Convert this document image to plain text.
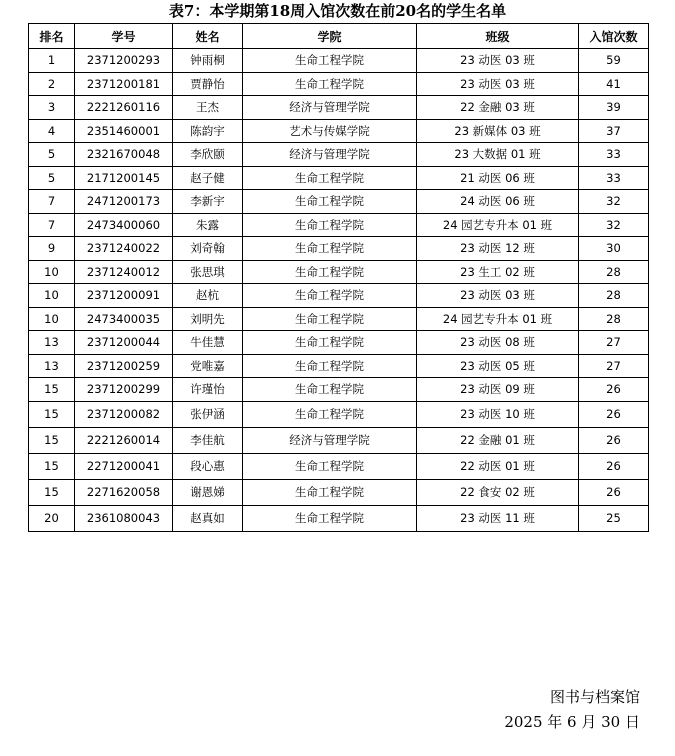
表7：本学期第18周入馆次数在前20名的学生名单
排名	学号	姓名	学院	班级	入馆次数
1	2371200293	钟雨桐	生命工程学院	23 动医 03 班	59
2	2371200181	贾静怡	生命工程学院	23 动医 03 班	41
3	2221260116	王杰	经济与管理学院	22 金融 03 班	39
4	2351460001	陈韵宇	艺术与传媒学院	23 新媒体 03 班	37
5	2321670048	李欣颐	经济与管理学院	23 大数据 01 班	33
5	2171200145	赵子健	生命工程学院	21 动医 06 班	33
7	2471200173	李新宇	生命工程学院	24 动医 06 班	32
7	2473400060	朱露	生命工程学院	24 园艺专升本 01 班	32
9	2371240022	刘奇翰	生命工程学院	23 动医 12 班	30
10	2371240012	张思琪	生命工程学院	23 生工 02 班	28
10	2371200091	赵杭	生命工程学院	23 动医 03 班	28
10	2473400035	刘明先	生命工程学院	24 园艺专升本 01 班	28
13	2371200044	牛佳慧	生命工程学院	23 动医 08 班	27
13	2371200259	党唯嘉	生命工程学院	23 动医 05 班	27
15	2371200299	许瑾怡	生命工程学院	23 动医 09 班	26
15	2371200082	张伊涵	生命工程学院	23 动医 10 班	26
15	2221260014	李佳航	经济与管理学院	22 金融 01 班	26
15	2271200041	段心惠	生命工程学院	22 动医 01 班	26
15	2271620058	谢恩娣	生命工程学院	22 食安 02 班	26
20	2361080043	赵真如	生命工程学院	23 动医 11 班	25
图书与档案馆
2025 年 6 月 30 日
